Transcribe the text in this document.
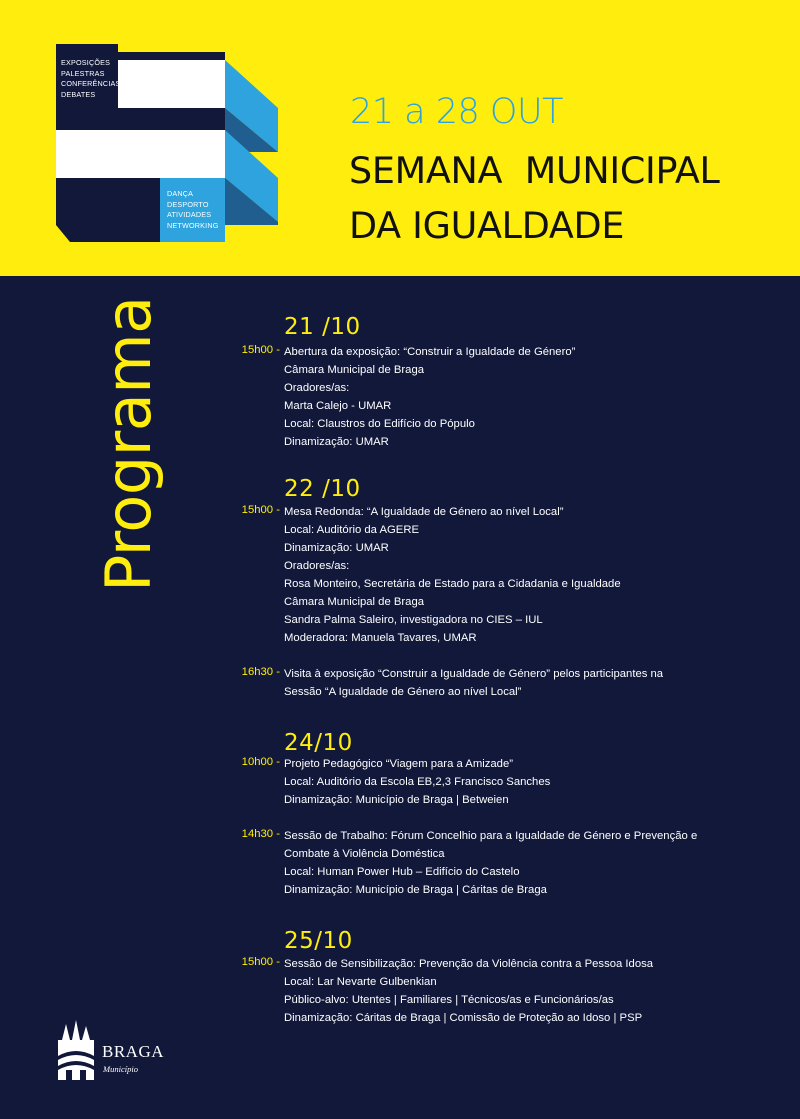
EXPOSIÇÕES
PALESTRAS
CONFERÊNCIAS
DEBATES
DANÇA
DESPORTO
ATIVIDADES
NETWORKING
21 a 28 OUT
SEMANA  MUNICIPAL
DA IGUALDADE
Programa	21 /10
15h00 - Abertura da exposição: “Construir a Igualdade de Género”
Câmara Municipal de Braga
Oradores/as:
Marta Calejo - UMAR
Local: Claustros do Edifício do Pópulo
Dinamização: UMAR
22 /10
15h00 - Mesa Redonda: “A Igualdade de Género ao nível Local”
Local: Auditório da AGERE
Dinamização: UMAR
Oradores/as:
Rosa Monteiro, Secretária de Estado para a Cidadania e Igualdade
Câmara Municipal de Braga
Sandra Palma Saleiro, investigadora no CIES – IUL
Moderadora: Manuela Tavares, UMAR
16h30 - Visita à exposição “Construir a Igualdade de Género” pelos participantes na
Sessão “A Igualdade de Género ao nível Local”
24/10
10h00 - Projeto Pedagógico “Viagem para a Amizade”
Local: Auditório da Escola EB,2,3 Francisco Sanches
Dinamização: Município de Braga | Betweien
14h30 - Sessão de Trabalho: Fórum Concelhio para a Igualdade de Género e Prevenção e
Combate à Violência Doméstica
Local: Human Power Hub – Edifício do Castelo
Dinamização: Município de Braga | Cáritas de Braga
25/10
15h00 - Sessão de Sensibilização: Prevenção da Violência contra a Pessoa Idosa
Local: Lar Nevarte Gulbenkian
Público-alvo: Utentes | Familiares | Técnicos/as e Funcionários/as
Dinamização: Cáritas de Braga | Comissão de Proteção ao Idoso | PSP
BRAGA
Município
